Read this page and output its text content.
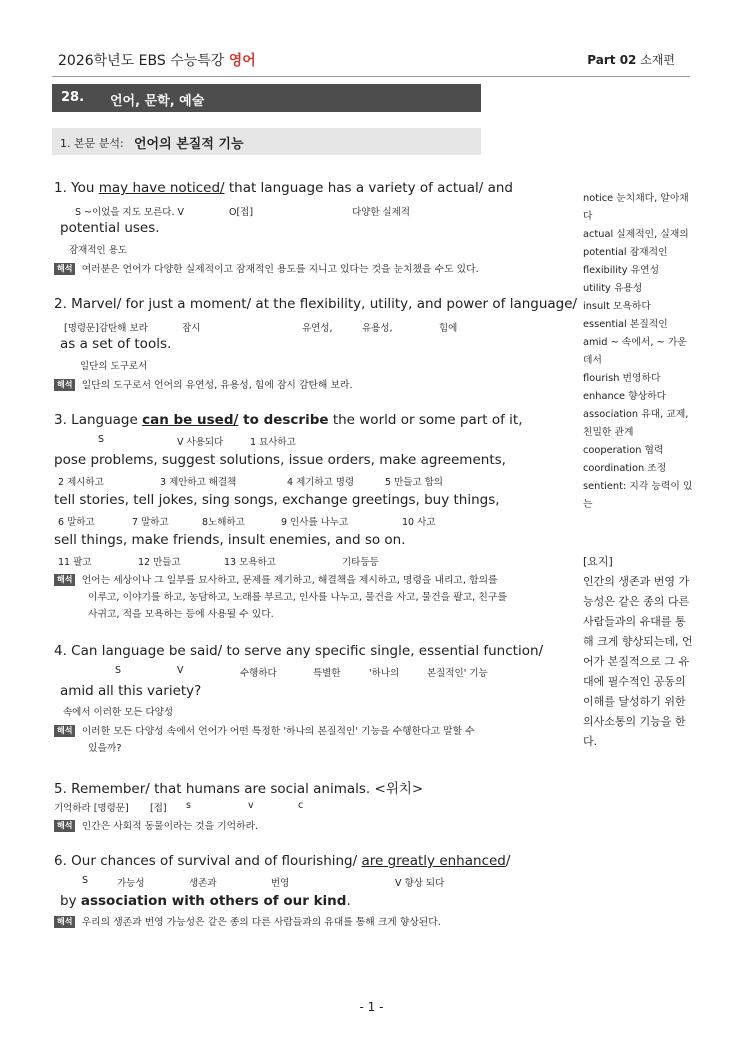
2026학년도 EBS 수능특강 영어	Part 02 소재편
28. 언어, 문학, 예술
1. 본문 분석: 언어의 본질적 기능
1. You may have noticed/ that language has a variety of actual/ and
S ~이었을 지도 모른다. V	O[접]	다양한 실제적
potential uses.
잠재적인 용도
해석 여러분은 언어가 다양한 실제적이고 잠재적인 용도를 지니고 있다는 것을 눈치챘을 수도 있다.
2. Marvel/ for just a moment/ at the flexibility, utility, and power of language/
[명령문]감탄해 보라	잠시	유연성,	유용성,	힘에
as a set of tools.
일단의 도구로서
해석 일단의 도구로서 언어의 유연성, 유용성, 힘에 잠시 감탄해 보라.
3. Language can be used/ to describe the world or some part of it,
S	V 사용되다	1 묘사하고
pose problems, suggest solutions, issue orders, make agreements,
2 제시하고	3 제안하고 해결책	4 제기하고 명령	5 만들고 합의
tell stories, tell jokes, sing songs, exchange greetings, buy things,
6 말하고	7 말하고	8노해하고	9 인사를 나누고	10 사고
sell things, make friends, insult enemies, and so on.
11 팔고	12 만들고	13 모욕하고	기타등등
해석 언어는 세상이나 그 일부를 묘사하고, 문제를 제기하고, 해결책을 제시하고, 명령을 내리고, 합의를
이루고, 이야기를 하고, 농담하고, 노래를 부르고, 인사를 나누고, 물건을 사고, 물건을 팔고, 친구를
사귀고, 적을 모욕하는 등에 사용될 수 있다.
4. Can language be said/ to serve any specific single, essential function/
S	V	수행하다	특별한	'하나의	본질적인' 기능
amid all this variety?
속에서 이러한 모든 다양성
해석 이러한 모든 다양성 속에서 언어가 어떤 특정한 '하나의 본질적인' 기능을 수행한다고 말할 수
있을까?
5. Remember/ that humans are social animals. <위치>
기억하라 [명령문] [접] s	v	c
해석 인간은 사회적 동물이라는 것을 기억하라.
6. Our chances of survival and of flourishing/ are greatly enhanced/
S	가능성	생존과	번영	V 향상 되다
by association with others of our kind.
해석 우리의 생존과 번영 가능성은 같은 종의 다른 사람들과의 유대를 통해 크게 향상된다.
notice 눈치채다, 알아채다
actual 실제적인, 실재의
potential 잠재적인
flexibility 유연성
utility 유용성
insult 모욕하다
essential 본질적인
amid ~ 속에서, ~ 가운데서
flourish 번영하다
enhance 향상하다
association 유대, 교제, 친밀한 관계
cooperation 협력
coordination 조정
sentient: 지각 능력이 있는
[요지]
인간의 생존과 번영 가능성은 같은 종의 다른 사람들과의 유대를 통해 크게 향상되는데, 언어가 본질적으로 그 유대에 필수적인 공동의 이해를 달성하기 위한 의사소통의 기능을 한다.
- 1 -
